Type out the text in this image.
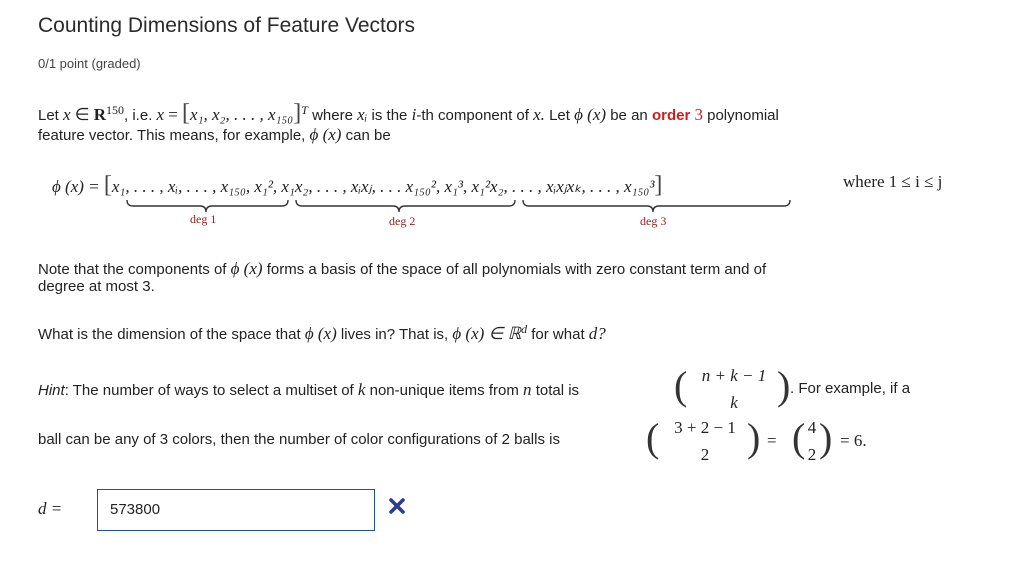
Counting Dimensions of Feature Vectors
0/1 point (graded)
Let x ∈ $R^{150}$, i.e. x = [x₁, x₂, . . . , x₁₅₀]$^T$ where xᵢ is the i-th component of x. Let ϕ (x) be an order 3 polynomial
feature vector. This means, for example, ϕ (x) can be
ϕ (x) = [x₁, . . . , xᵢ, . . . , x₁₅₀, x₁², x₁x₂, . . . , xᵢxⱼ, . . . x₁₅₀², x₁³, x₁²x₂, . . . , xᵢxⱼxₖ, . . . , x₁₅₀³]	where 1 ≤ i ≤ j
deg 1	deg 2	deg 3
Note that the components of ϕ (x) forms a basis of the space of all polynomials with zero constant term and of
degree at most 3.
What is the dimension of the space that ϕ (x) lives in? That is, ϕ (x) ∈ ℝ$^d$ for what d?
Hint: The number of ways to select a multiset of k non-unique items from n total is ( n + k − 1
k ) . For example, if a
ball can be any of 3 colors, then the number of color configurations of 2 balls is ( 3 + 2 − 1
2 ) = ( 4
2 ) = 6.
d =	573800
